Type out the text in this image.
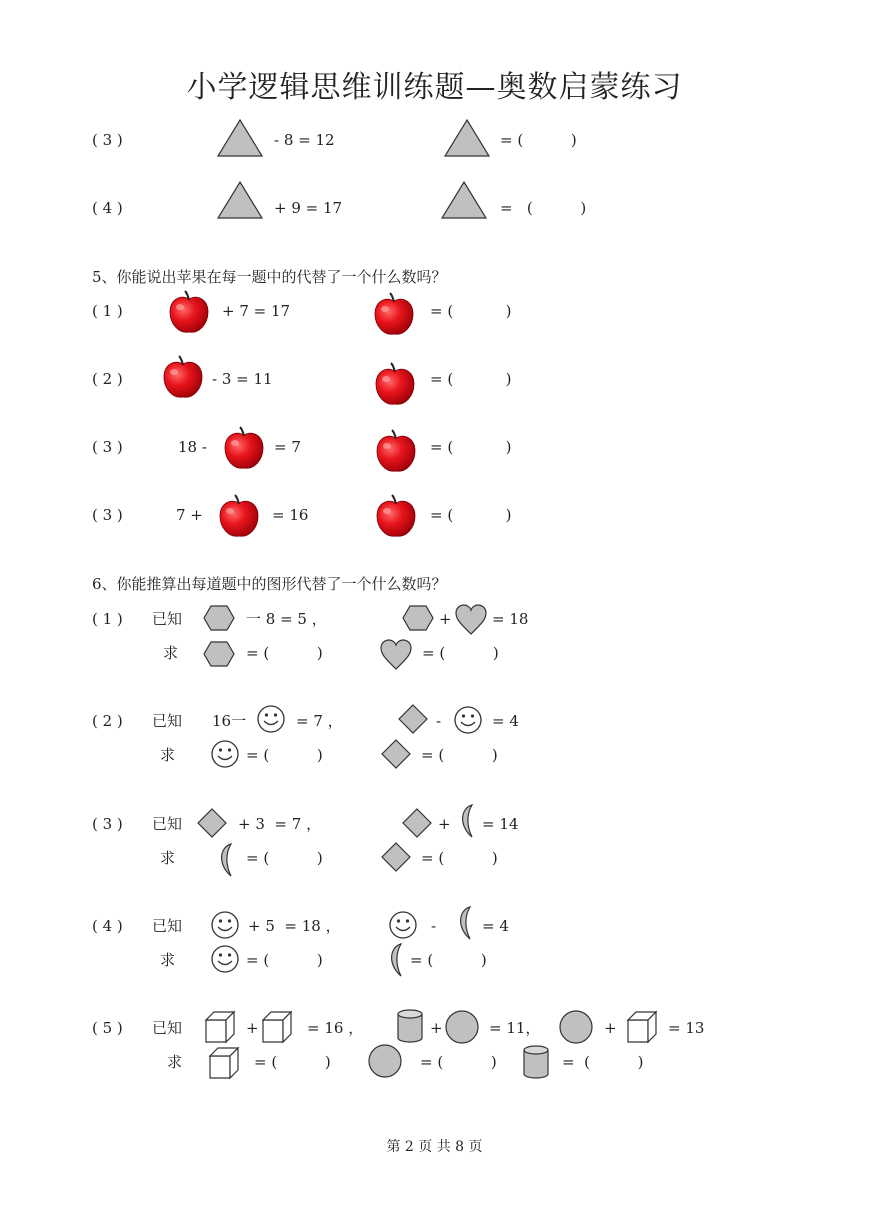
小学逻辑思维训练题—奥数启蒙练习
( 3 )	- 8 = 12	= (          )
( 4 )	+ 9 = 17	=   (          )
5、你能说出苹果在每一题中的代替了一个什么数吗？
( 1 )	+ 7 = 17	= (           )
( 2 )	- 3 = 11	= (           )
( 3 )	18 -	= 7	= (           )
( 3 )	7 +	= 16	= (           )
6、你能推算出每道题中的图形代替了一个什么数吗？
( 1 ) 已知	一 8 = 5 ，	+	= 18
求	= (          )	= (          )
( 2 ) 已知 16一	= 7 ，	-	= 4
求	= (          )	= (          )
( 3 ) 已知	+ 3  = 7 ，	+ = 14
求	= (          )	= (          )
( 4 ) 已知	+ 5  = 18 ，	-	= 4
求	= (          )	= (          )
( 5 ) 已知	+	= 16 ，	+	= 11，	+	= 13
求	= (          )	= (          )	=  (          )
第 2 页 共 8 页
